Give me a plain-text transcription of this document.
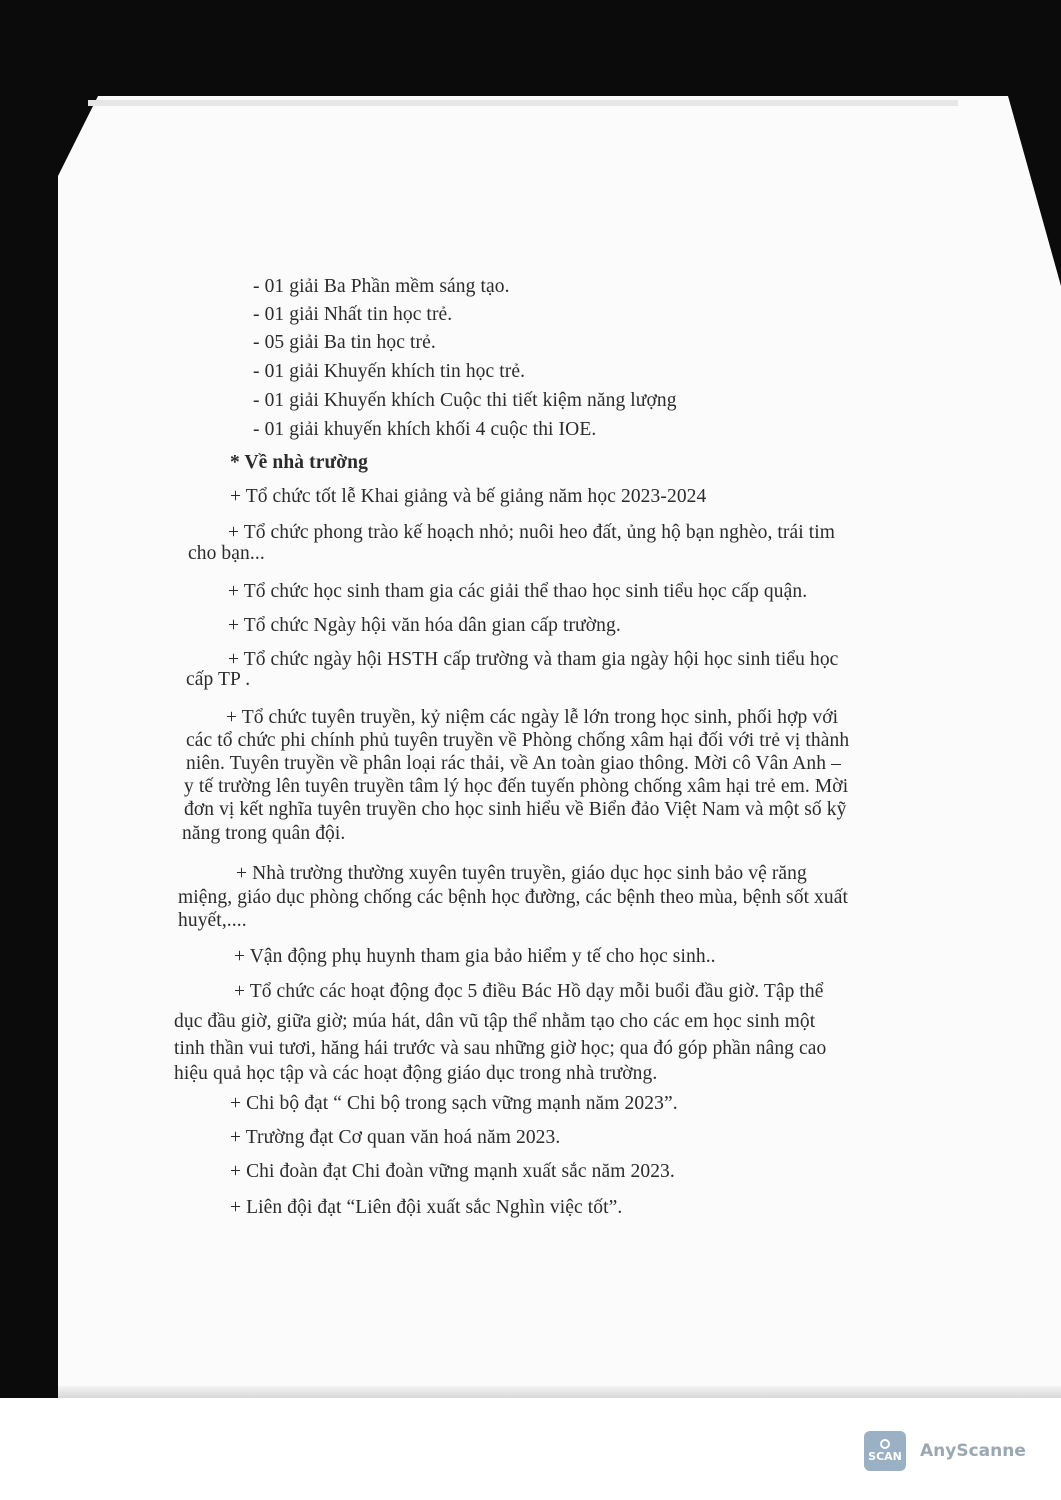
- 01 giải Ba Phần mềm sáng tạo.
- 01 giải Nhất tin học trẻ.
- 05 giải Ba tin học trẻ.
- 01 giải Khuyến khích tin học trẻ.
- 01 giải Khuyến khích Cuộc thi tiết kiệm năng lượng
- 01 giải khuyến khích khối 4 cuộc thi IOE.
* Về nhà trường
+ Tổ chức tốt lễ Khai giảng và bế giảng năm học 2023-2024
+ Tổ chức phong trào kế hoạch nhỏ; nuôi heo đất, ủng hộ bạn nghèo, trái tim
cho bạn...
+ Tổ chức học sinh tham gia các giải thể thao học sinh tiểu học cấp quận.
+ Tổ chức Ngày hội văn hóa dân gian cấp trường.
+ Tổ chức ngày hội HSTH cấp trường và tham gia ngày hội học sinh tiểu học
cấp TP .
+ Tổ chức tuyên truyền, kỷ niệm các ngày lễ lớn trong học sinh, phối hợp với
các tổ chức phi chính phủ tuyên truyền về Phòng chống xâm hại đối với trẻ vị thành
niên. Tuyên truyền về phân loại rác thải, về An toàn giao thông. Mời cô Vân Anh –
y tế trường lên tuyên truyền tâm lý học đến tuyến phòng chống xâm hại trẻ em. Mời
đơn vị kết nghĩa tuyên truyền cho học sinh hiểu về Biển đảo Việt Nam và một số kỹ
năng trong quân đội.
+ Nhà trường thường xuyên tuyên truyền, giáo dục học sinh bảo vệ răng
miệng, giáo dục phòng chống các bệnh học đường, các bệnh theo mùa, bệnh sốt xuất
huyết,....
+ Vận động phụ huynh tham gia bảo hiểm y tế cho học sinh..
+ Tổ chức các hoạt động đọc 5 điều Bác Hồ dạy mỗi buổi đầu giờ. Tập thể
dục đầu giờ, giữa giờ; múa hát, dân vũ tập thể nhằm tạo cho các em học sinh một
tinh thần vui tươi, hăng hái trước và sau những giờ học; qua đó góp phần nâng cao
hiệu quả học tập và các hoạt động giáo dục trong nhà trường.
+ Chi bộ đạt “ Chi bộ trong sạch vững mạnh năm 2023”.
+ Trường đạt Cơ quan văn hoá năm 2023.
+ Chi đoàn đạt Chi đoàn vững mạnh xuất sắc năm 2023.
+ Liên đội đạt “Liên đội xuất sắc Nghìn việc tốt”.
SCAN AnyScanne
